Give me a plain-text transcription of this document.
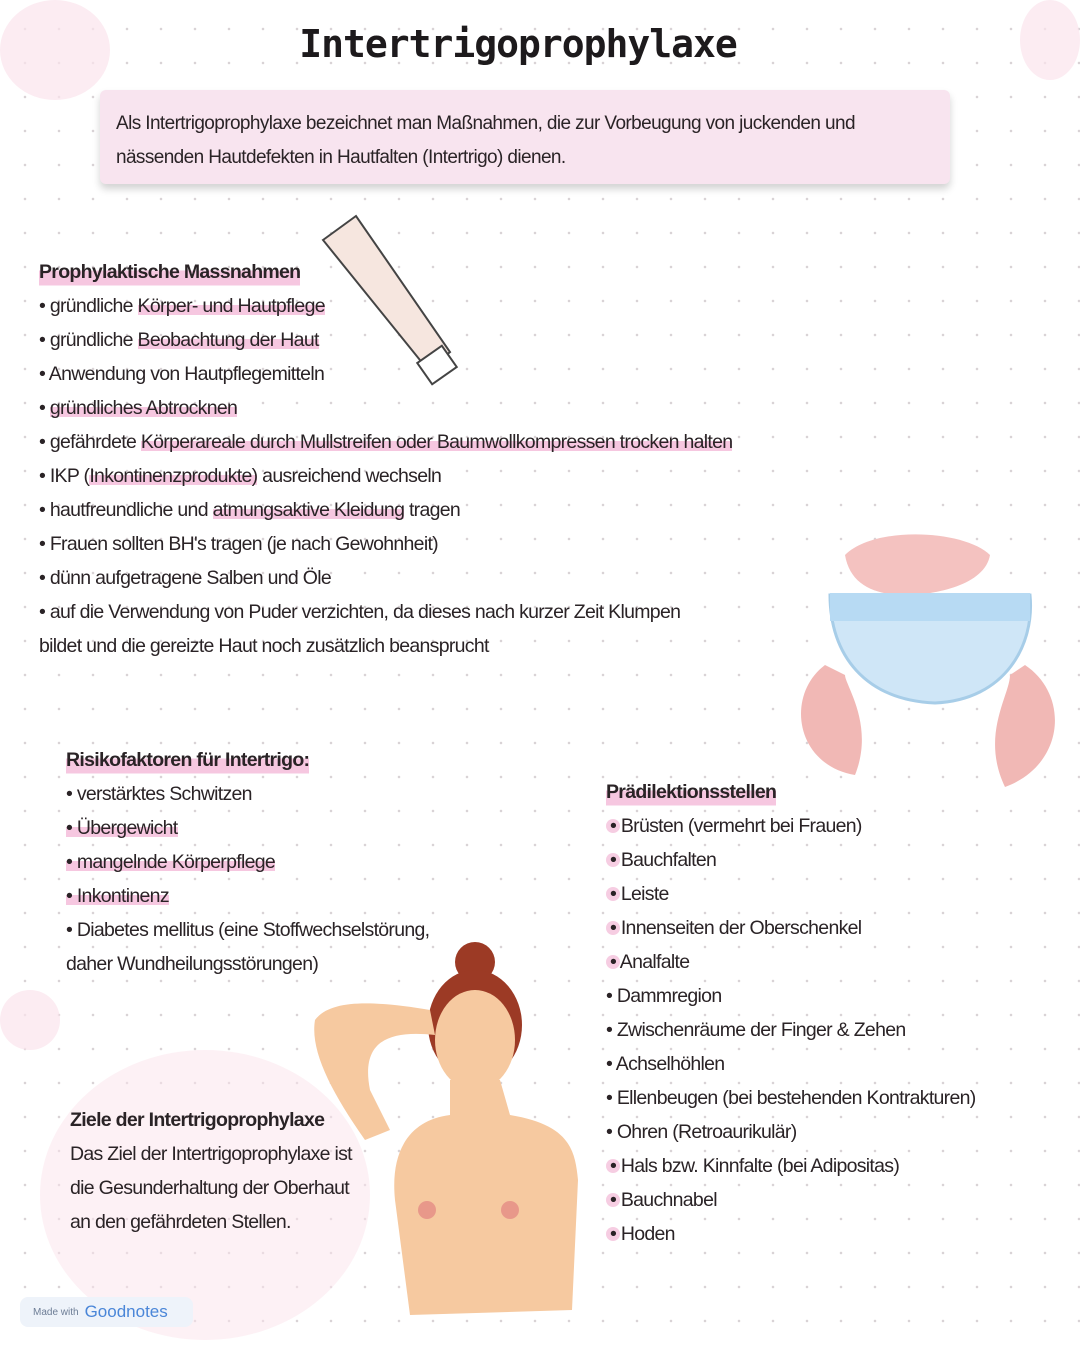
Intertrigoprophylaxe
Als Intertrigoprophylaxe bezeichnet man Maßnahmen, die zur Vorbeugung von juckenden und nässenden Hautdefekten in Hautfalten (Intertrigo) dienen.
Prophylaktische Massnahmen
• gründliche Körper- und Hautpflege
• gründliche Beobachtung der Haut
• Anwendung von Hautpflegemitteln
• gründliches Abtrocknen
• gefährdete Körperareale durch Mullstreifen oder Baumwollkompressen trocken halten
• IKP (Inkontinenzprodukte) ausreichend wechseln
• hautfreundliche und atmungsaktive Kleidung tragen
• Frauen sollten BH's tragen (je nach Gewohnheit)
• dünn aufgetragene Salben und Öle
• auf die Verwendung von Puder verzichten, da dieses nach kurzer Zeit Klumpen
bildet und die gereizte Haut noch zusätzlich beansprucht
Risikofaktoren für Intertrigo:
• verstärktes Schwitzen
• Übergewicht
• mangelnde Körperpflege
• Inkontinenz
• Diabetes mellitus (eine Stoffwechselstörung,
daher Wundheilungsstörungen)
Prädilektionsstellen
• Brüsten (vermehrt bei Frauen)
• Bauchfalten
• Leiste
• Innenseiten der Oberschenkel
• Analfalte
• Dammregion
• Zwischenräume der Finger & Zehen
• Achselhöhlen
• Ellenbeugen (bei bestehenden Kontrakturen)
• Ohren (Retroaurikulär)
• Hals bzw. Kinnfalte (bei Adipositas)
• Bauchnabel
• Hoden
Ziele der Intertrigoprophylaxe
Das Ziel der Intertrigoprophylaxe ist
die Gesunderhaltung der Oberhaut
an den gefährdeten Stellen.
Made with Goodnotes
